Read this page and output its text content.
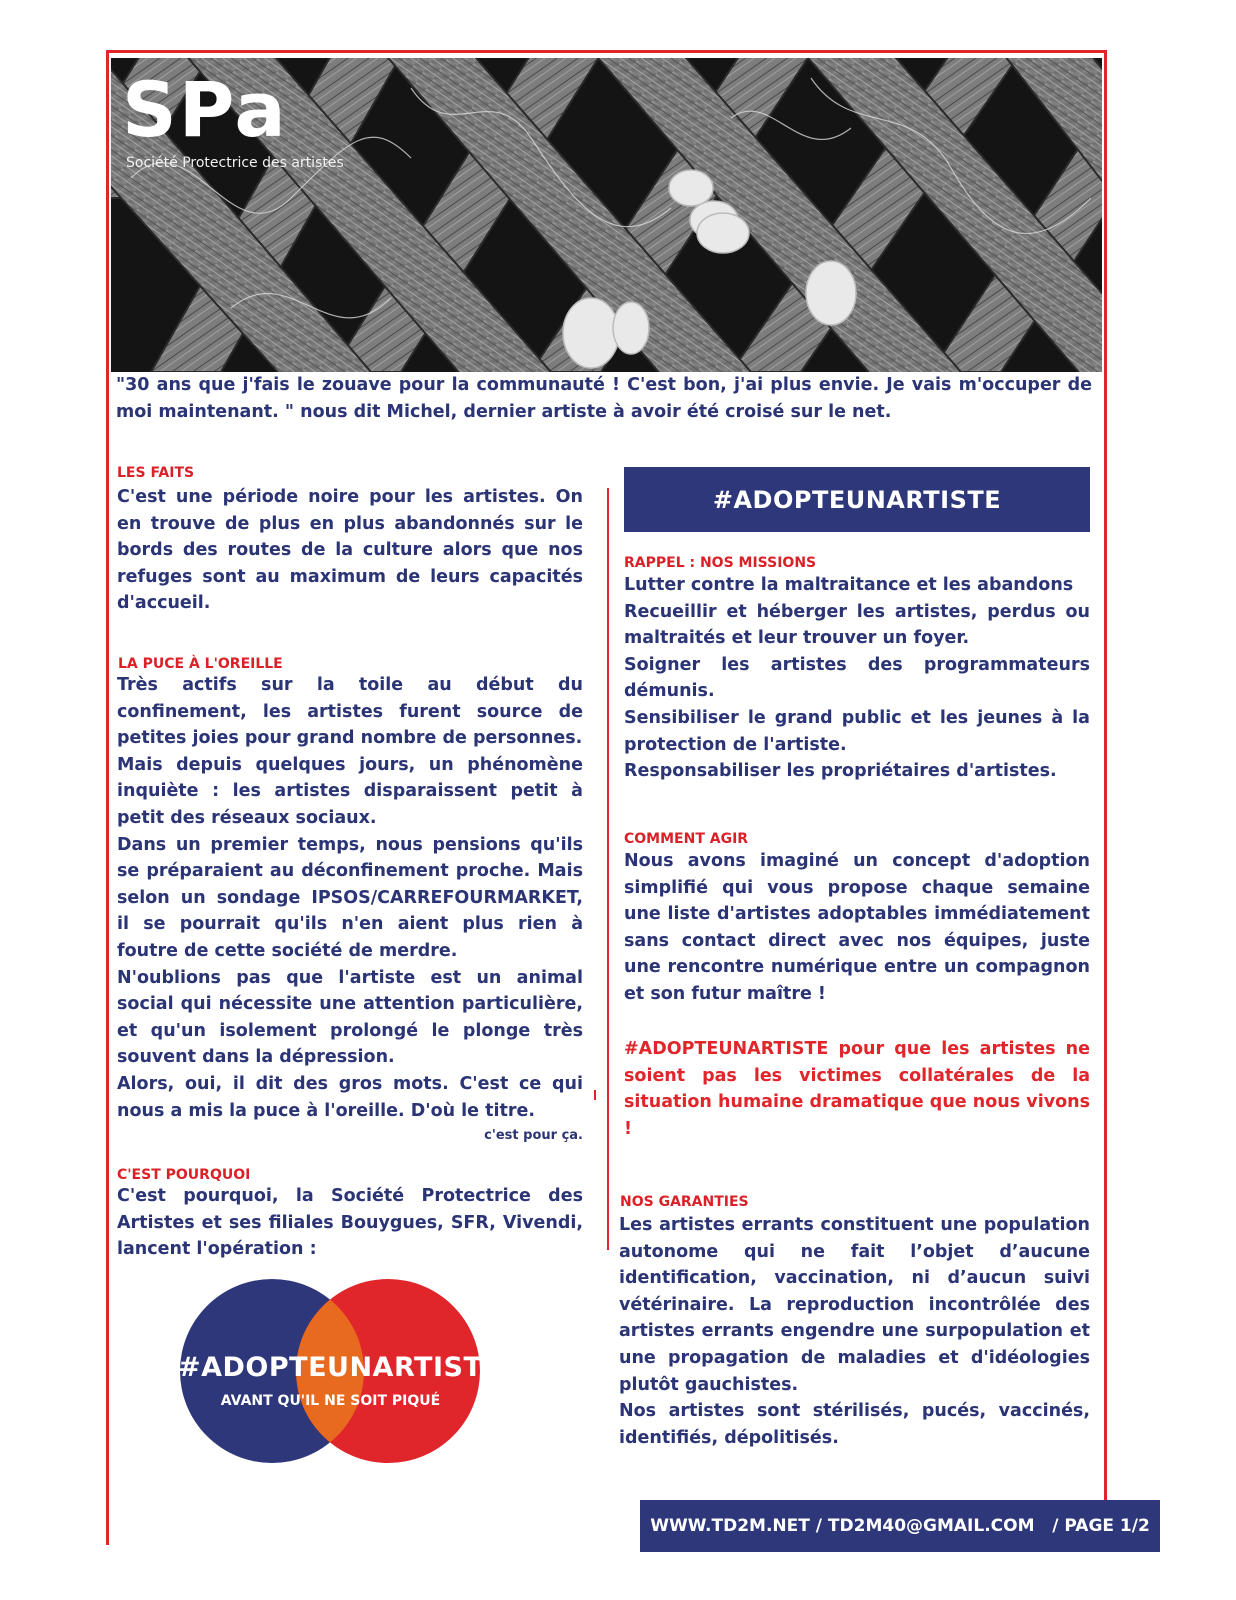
SPa
Société Protectrice des artistes
"30 ans que j'fais le zouave pour la communauté ! C'est bon, j'ai plus envie. Je vais m'occuper de moi maintenant. " nous dit Michel, dernier artiste à avoir été croisé sur le net.
LES FAITS
C'est une période noire pour les artistes. On en trouve de plus en plus abandonnés sur le bords des routes de la culture alors que nos refuges sont au maximum de leurs capacités d'accueil.
LA PUCE À L'OREILLE

Très actifs sur la toile au début du confinement, les artistes furent source de petites joies pour grand nombre de personnes.

Mais depuis quelques jours, un phénomène inquiète : les artistes disparaissent petit à petit des réseaux sociaux.

Dans un premier temps, nous pensions qu'ils se préparaient au déconfinement proche. Mais selon un sondage IPSOS/CARREFOURMARKET, il se pourrait qu'ils n'en aient plus rien à foutre de cette société de merdre.

N'oublions pas que l'artiste est un animal social qui nécessite une attention particulière, et qu'un isolement prolongé le plonge très souvent dans la dépression.

Alors, oui, il dit des gros mots. C'est ce qui nous a mis la puce à l'oreille. D'où le titre.

c'est pour ça.

C'EST POURQUOI
C'est pourquoi, la Société Protectrice des Artistes et ses filiales Bouygues, SFR, Vivendi, lancent l'opération :
#ADOPTEUNARTISTE
AVANT QU'IL NE SOIT PIQUÉ
#ADOPTEUNARTISTE
RAPPEL : NOS MISSIONS

Lutter contre la maltraitance et les abandons

Recueillir et héberger les artistes, perdus ou maltraités et leur trouver un foyer.

Soigner les artistes des programmateurs démunis.

Sensibiliser le grand public et les jeunes à la protection de l'artiste.

Responsabiliser les propriétaires d'artistes.

COMMENT AGIR
Nous avons imaginé un concept d'adoption simplifié qui vous propose chaque semaine une liste d'artistes adoptables immédiatement sans contact direct avec nos équipes, juste une rencontre numérique entre un compagnon et son futur maître !
#ADOPTEUNARTISTE pour que les artistes ne soient pas les victimes collatérales de la situation humaine dramatique que nous vivons !
NOS GARANTIES

Les artistes errants constituent une population autonome qui ne fait l’objet d’aucune identification, vaccination, ni d’aucun suivi vétérinaire. La reproduction incontrôlée des artistes errants engendre une surpopulation et une propagation de maladies et d'idéologies plutôt gauchistes.

Nos artistes sont stérilisés, pucés, vaccinés, identifiés, dépolitisés.

WWW.TD2M.NET / TD2M40@GMAIL.COM   / PAGE 1/2
